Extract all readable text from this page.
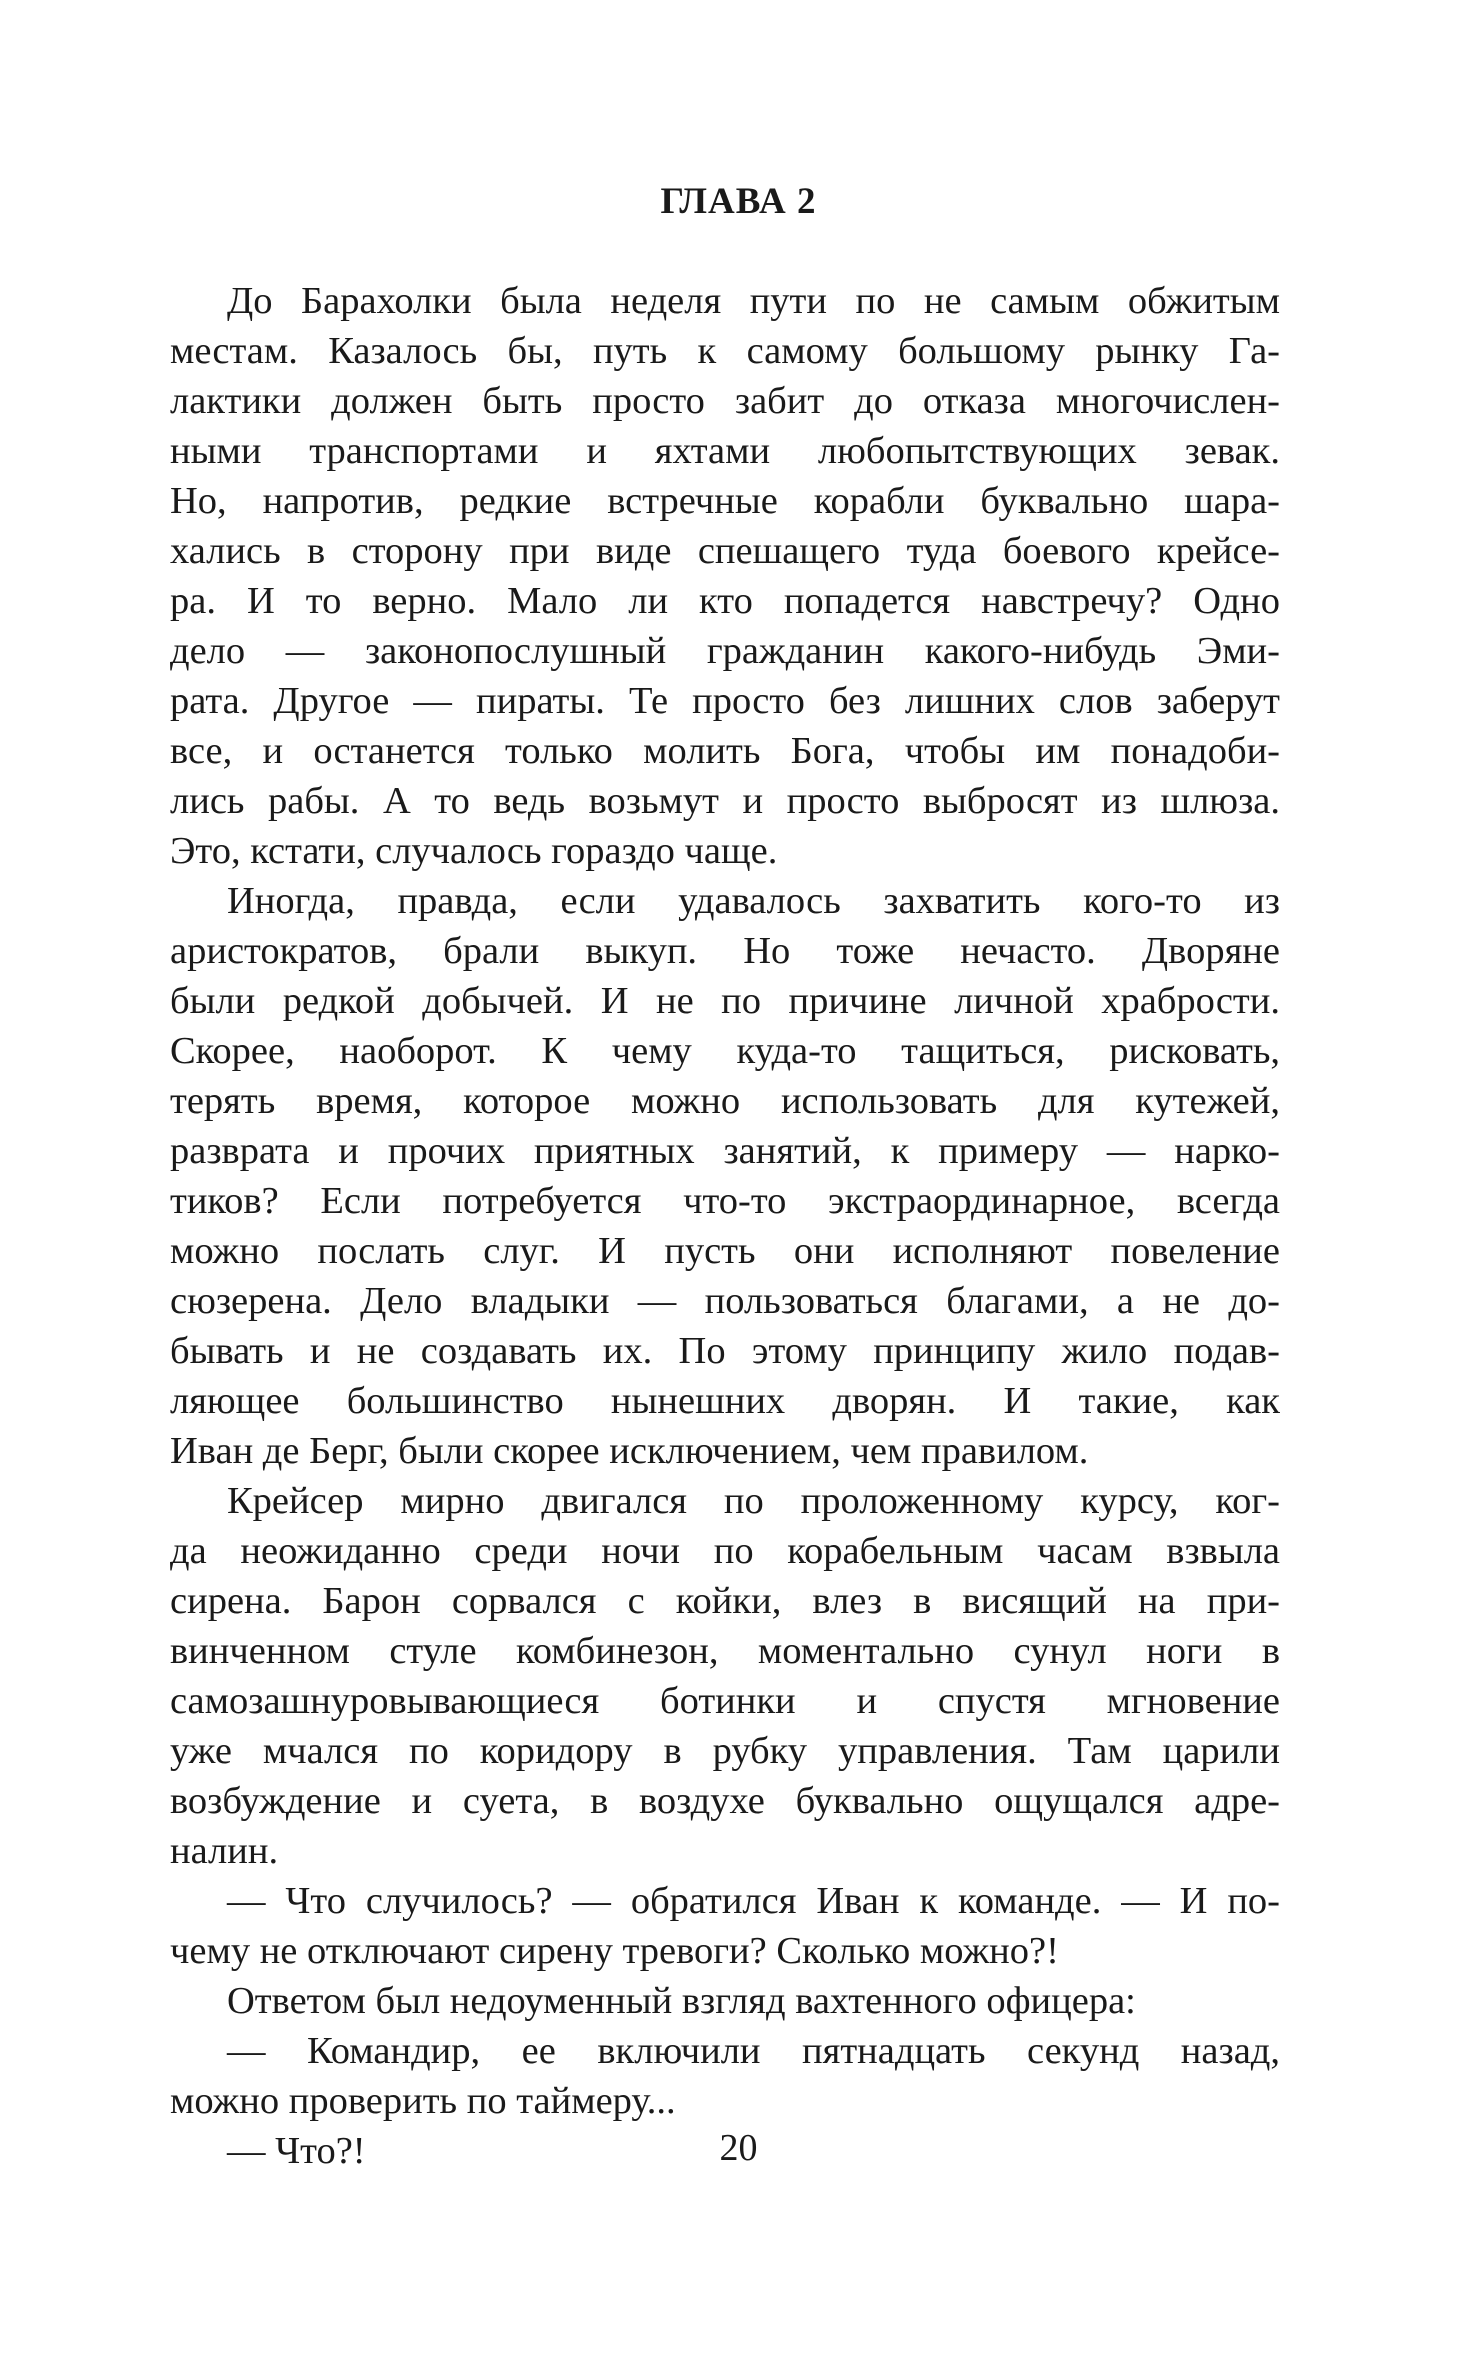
ГЛАВА 2
До Барахолки была неделя пути по не самым обжитым
местам. Казалось бы, путь к самому большому рынку Га-
лактики должен быть просто забит до отказа многочислен-
ными транспортами и яхтами любопытствующих зевак.
Но, напротив, редкие встречные корабли буквально шара-
хались в сторону при виде спешащего туда боевого крейсе-
ра. И то верно. Мало ли кто попадется навстречу? Одно
дело — законопослушный гражданин какого-нибудь Эми-
рата. Другое — пираты. Те просто без лишних слов заберут
все, и останется только молить Бога, чтобы им понадоби-
лись рабы. А то ведь возьмут и просто выбросят из шлюза.
Это, кстати, случалось гораздо чаще.
Иногда, правда, если удавалось захватить кого-то из
аристократов, брали выкуп. Но тоже нечасто. Дворяне
были редкой добычей. И не по причине личной храбрости.
Скорее, наоборот. К чему куда-то тащиться, рисковать,
терять время, которое можно использовать для кутежей,
разврата и прочих приятных занятий, к примеру — нарко-
тиков? Если потребуется что-то экстраординарное, всегда
можно послать слуг. И пусть они исполняют повеление
сюзерена. Дело владыки — пользоваться благами, а не до-
бывать и не создавать их. По этому принципу жило подав-
ляющее большинство нынешних дворян. И такие, как
Иван де Берг, были скорее исключением, чем правилом.
Крейсер мирно двигался по проложенному курсу, ког-
да неожиданно среди ночи по корабельным часам взвыла
сирена. Барон сорвался с койки, влез в висящий на при-
винченном стуле комбинезон, моментально сунул ноги в
самозашнуровывающиеся ботинки и спустя мгновение
уже мчался по коридору в рубку управления. Там царили
возбуждение и суета, в воздухе буквально ощущался адре-
налин.
— Что случилось? — обратился Иван к команде. — И по-
чему не отключают сирену тревоги? Сколько можно?!
Ответом был недоуменный взгляд вахтенного офицера:
— Командир, ее включили пятнадцать секунд назад,
можно проверить по таймеру...
— Что?!	20
